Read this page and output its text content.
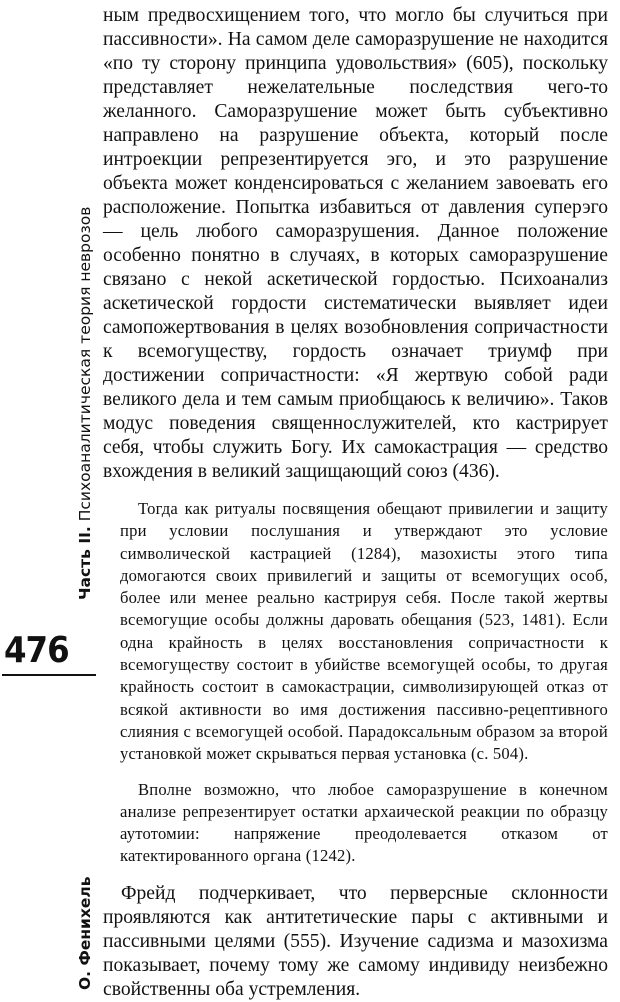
Часть II. Психоаналитическая теория неврозов
476
О. Фенихель

ным предвосхищением того, что могло бы случиться при пассивности». На самом деле саморазрушение не находится «по ту сторону принципа удовольствия» (605), поскольку представляет нежелательные последствия чего-то желанного. Саморазрушение может быть субъективно направлено на разрушение объекта, который после интроекции репрезентируется эго, и это разрушение объекта может конденсироваться с желанием завоевать его расположение. Попытка избавиться от давления суперэго — цель любого саморазрушения. Данное положение особенно понятно в случаях, в которых саморазрушение связано с некой аскетической гордостью. Психоанализ аскетической гордости систематически выявляет идеи самопожертвования в целях возобновления сопричастности к всемогуществу, гордость означает триумф при достижении сопричастности: «Я жертвую собой ради великого дела и тем самым приобщаюсь к величию». Таков модус поведения священнослужителей, кто кастрирует себя, чтобы служить Богу. Их самокастрация — средство вхождения в великий защищающий союз (436).

Тогда как ритуалы посвящения обещают привилегии и защиту при условии послушания и утверждают это условие символической кастрацией (1284), мазохисты этого типа домогаются своих привилегий и защиты от всемогущих особ, более или менее реально кастрируя себя. После такой жертвы всемогущие особы должны даровать обещания (523, 1481). Если одна крайность в целях восстановления сопричастности к всемогуществу состоит в убийстве всемогущей особы, то другая крайность состоит в самокастрации, символизирующей отказ от всякой активности во имя достижения пассивно-рецептивного слияния с всемогущей особой. Парадоксальным образом за второй установкой может скрываться первая установка (с. 504).

Вполне возможно, что любое саморазрушение в конечном анализе репрезентирует остатки архаической реакции по образцу аутотомии: напряжение преодолевается отказом от катектированного органа (1242).

Фрейд подчеркивает, что перверсные склонности проявляются как антитетические пары с активными и пассивными целями (555). Изучение садизма и мазохизма показывает, почему тому же самому индивиду неизбежно свойственны оба устремления.
